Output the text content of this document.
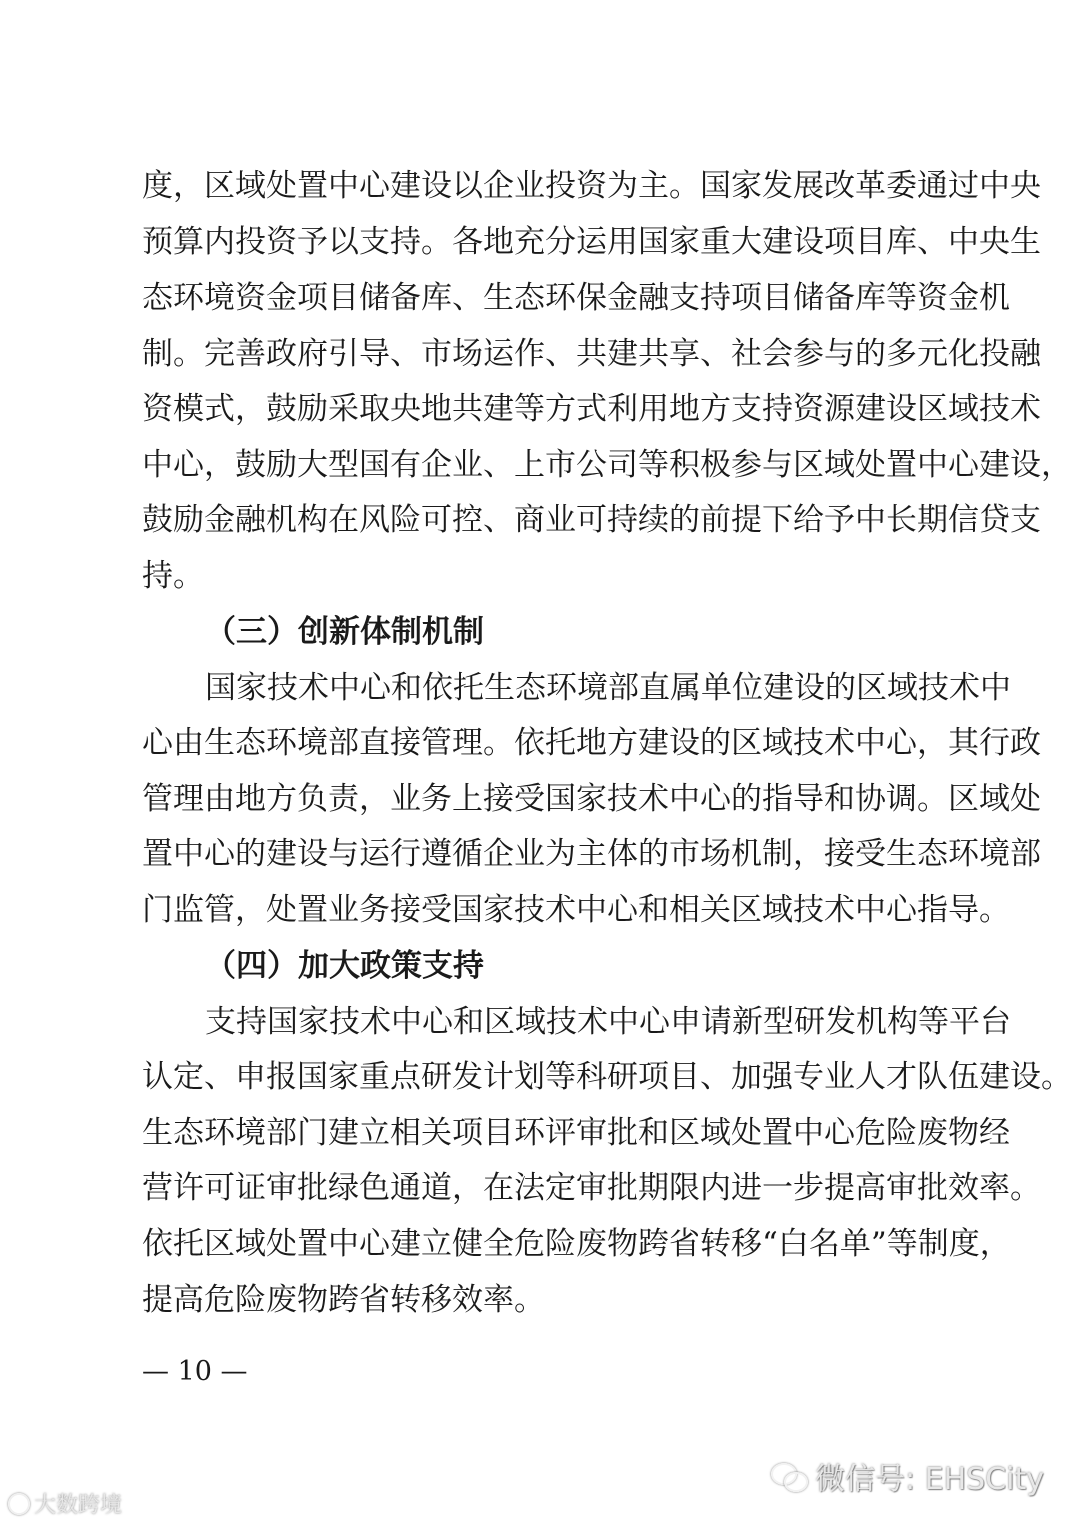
度，区域处置中心建设以企业投资为主。国家发展改革委通过中央
预算内投资予以支持。各地充分运用国家重大建设项目库、中央生
态环境资金项目储备库、生态环保金融支持项目储备库等资金机
制。完善政府引导、市场运作、共建共享、社会参与的多元化投融
资模式，鼓励采取央地共建等方式利用地方支持资源建设区域技术
中心，鼓励大型国有企业、上市公司等积极参与区域处置中心建设，
鼓励金融机构在风险可控、商业可持续的前提下给予中长期信贷支
持。
（三）创新体制机制
国家技术中心和依托生态环境部直属单位建设的区域技术中
心由生态环境部直接管理。依托地方建设的区域技术中心，其行政
管理由地方负责，业务上接受国家技术中心的指导和协调。区域处
置中心的建设与运行遵循企业为主体的市场机制，接受生态环境部
门监管，处置业务接受国家技术中心和相关区域技术中心指导。
（四）加大政策支持
支持国家技术中心和区域技术中心申请新型研发机构等平台
认定、申报国家重点研发计划等科研项目、加强专业人才队伍建设。
生态环境部门建立相关项目环评审批和区域处置中心危险废物经
营许可证审批绿色通道，在法定审批期限内进一步提高审批效率。
依托区域处置中心建立健全危险废物跨省转移“白名单”等制度，
提高危险废物跨省转移效率。
— 10 —
微信号: EHSCity
大数跨境
